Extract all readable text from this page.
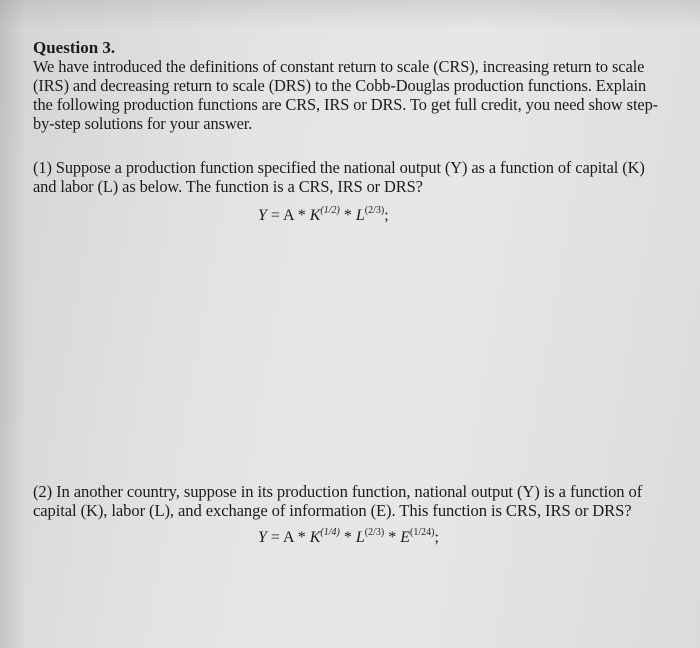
Question 3.
We have introduced the definitions of constant return to scale (CRS), increasing return to scale
(IRS) and decreasing return to scale (DRS) to the Cobb-Douglas production functions. Explain
the following production functions are CRS, IRS or DRS. To get full credit, you need show step-
by-step solutions for your answer.
(1) Suppose a production function specified the national output (Y) as a function of capital (K)
and labor (L) as below. The function is a CRS, IRS or DRS?
$Y = A * K^{(1/2)} * L^{(2/3)}$;
(2) In another country, suppose in its production function, national output (Y) is a function of
capital (K), labor (L), and exchange of information (E). This function is CRS, IRS or DRS?
$Y = A * K^{(1/4)} * L^{(2/3)} * E^{(1/24)}$;
